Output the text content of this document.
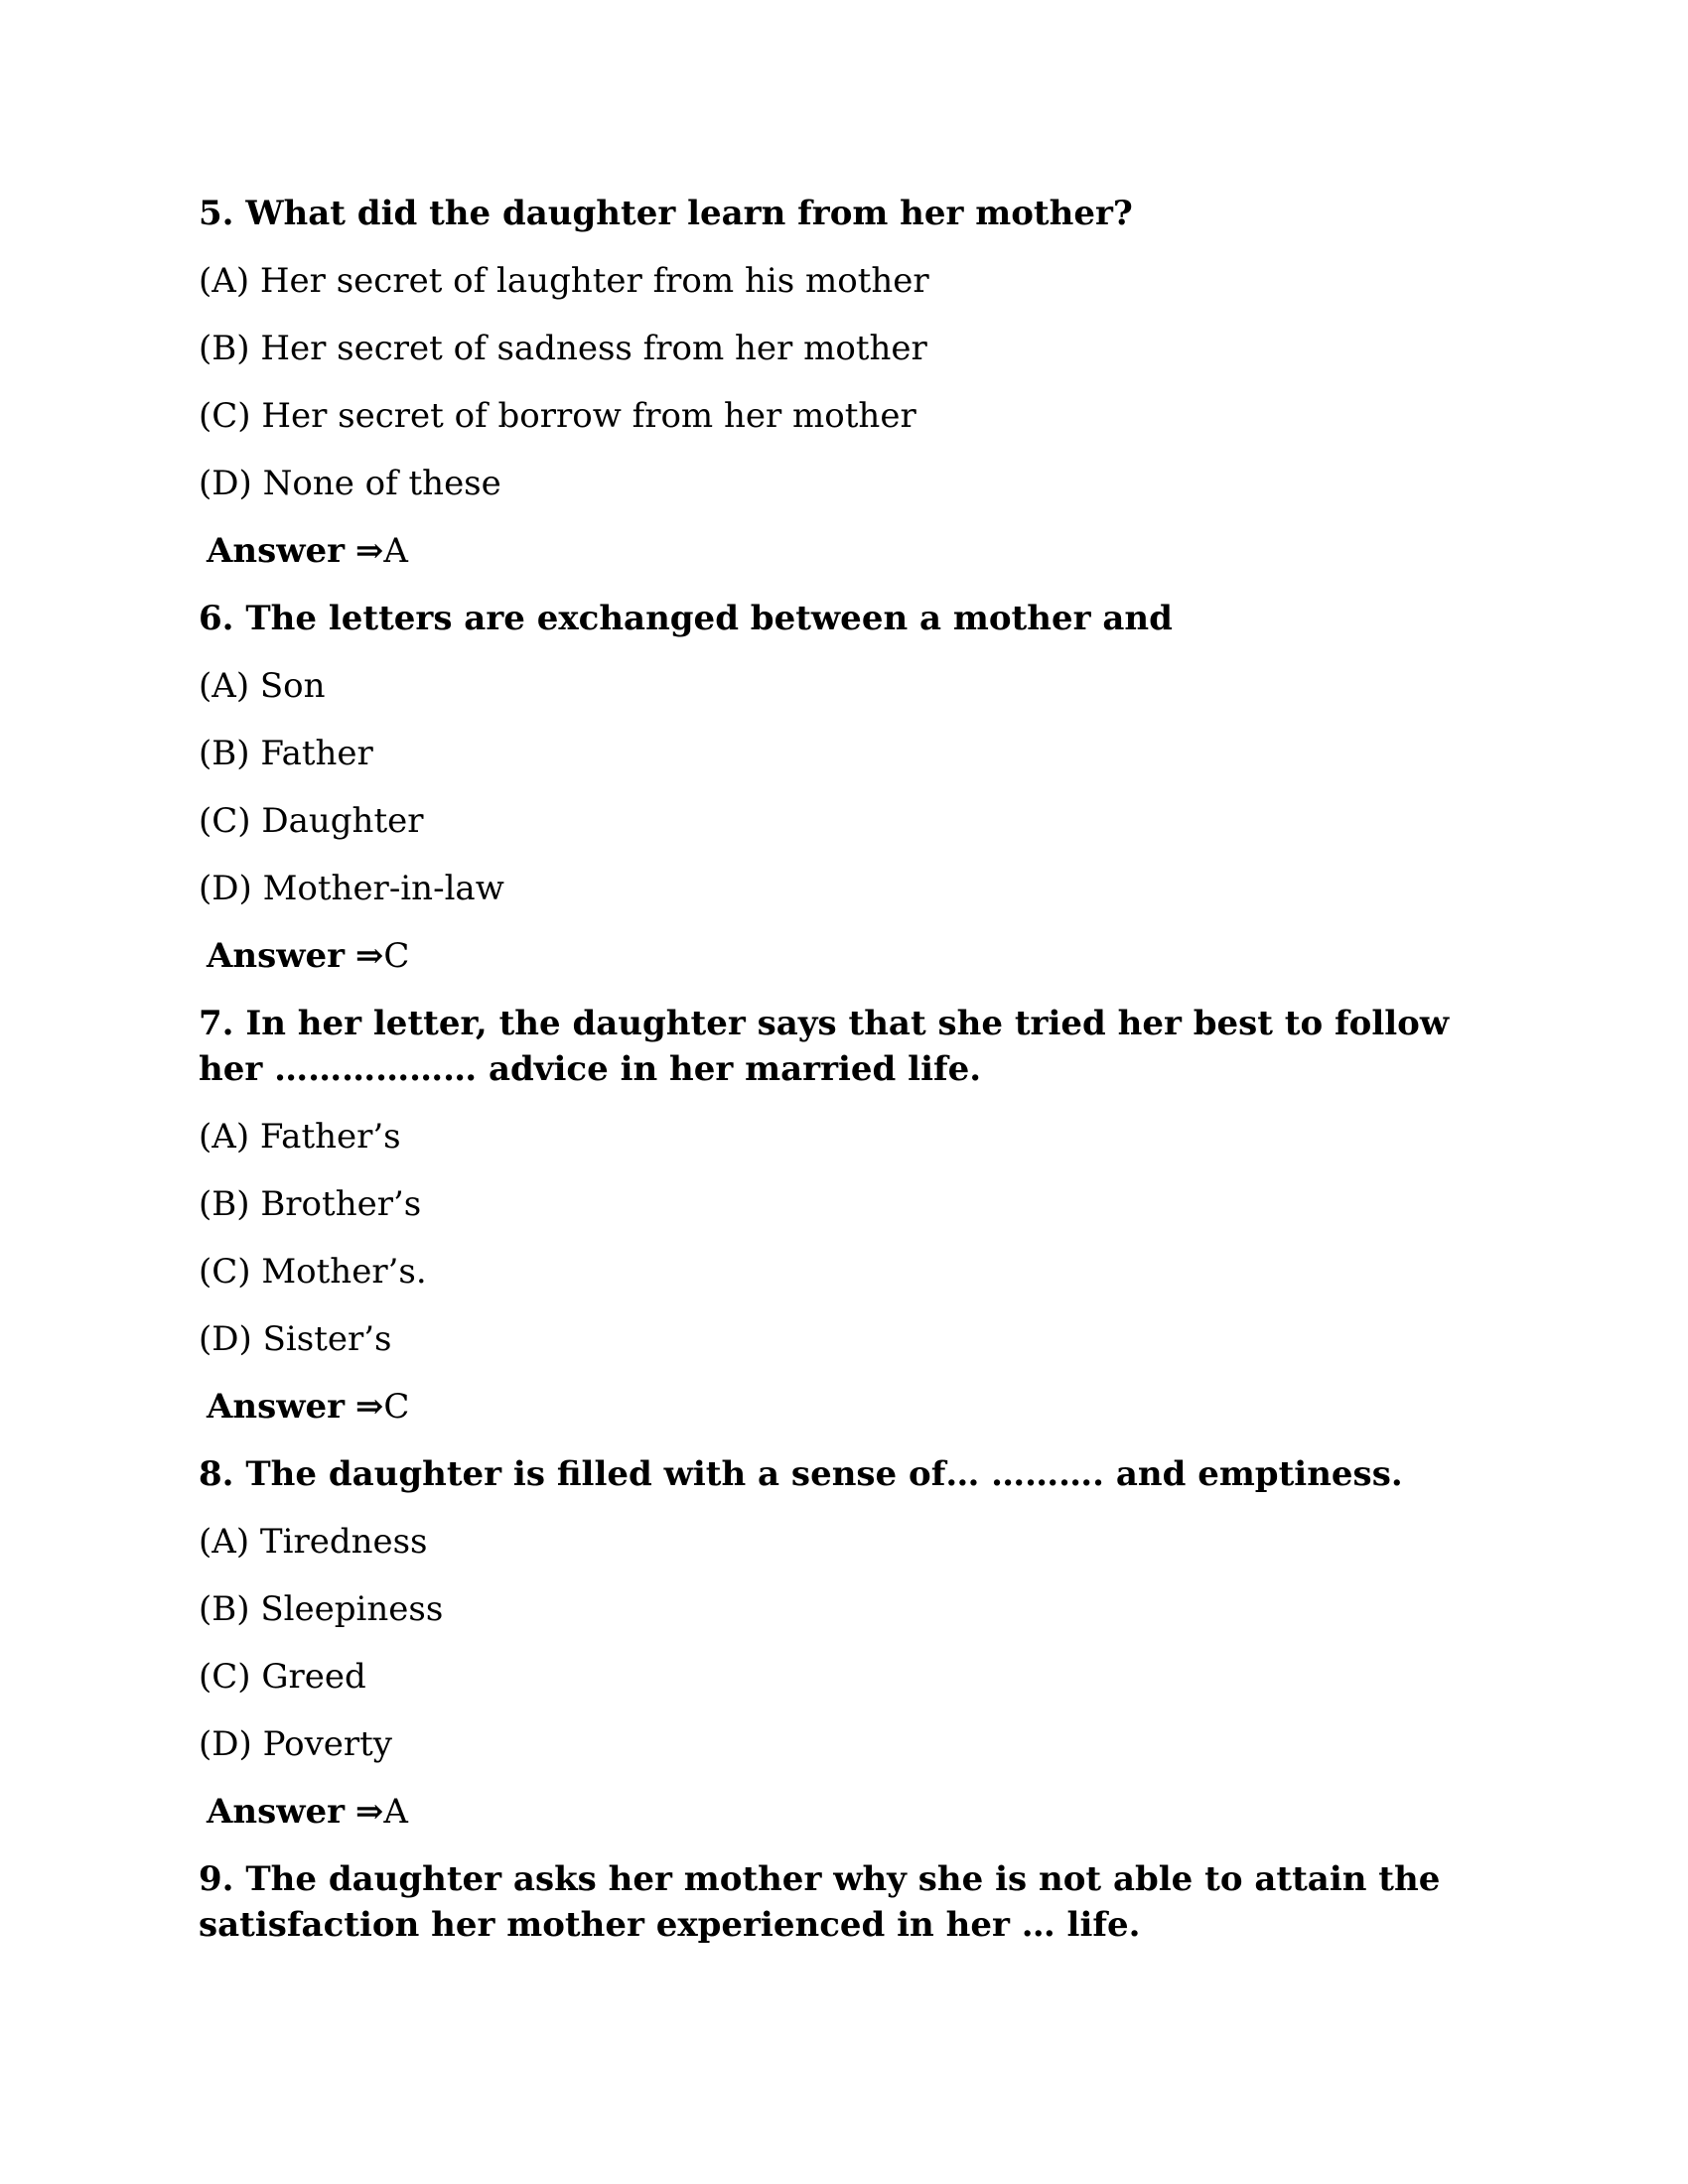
5. What did the daughter learn from her mother?
(A) Her secret of laughter from his mother
(B) Her secret of sadness from her mother
(C) Her secret of borrow from her mother
(D) None of these
Answer ⇒A
6. The letters are exchanged between a mother and
(A) Son
(B) Father
(C) Daughter
(D) Mother-in-law
Answer ⇒C
7. In her letter, the daughter says that she tried her best to follow her ……………… advice in her married life.
(A) Father’s
(B) Brother’s
(C) Mother’s.
(D) Sister’s
Answer ⇒C
8. The daughter is filled with a sense of… ………. and emptiness.
(A) Tiredness
(B) Sleepiness
(C) Greed
(D) Poverty
Answer ⇒A
9. The daughter asks her mother why she is not able to attain the satisfaction her mother experienced in her … life.
